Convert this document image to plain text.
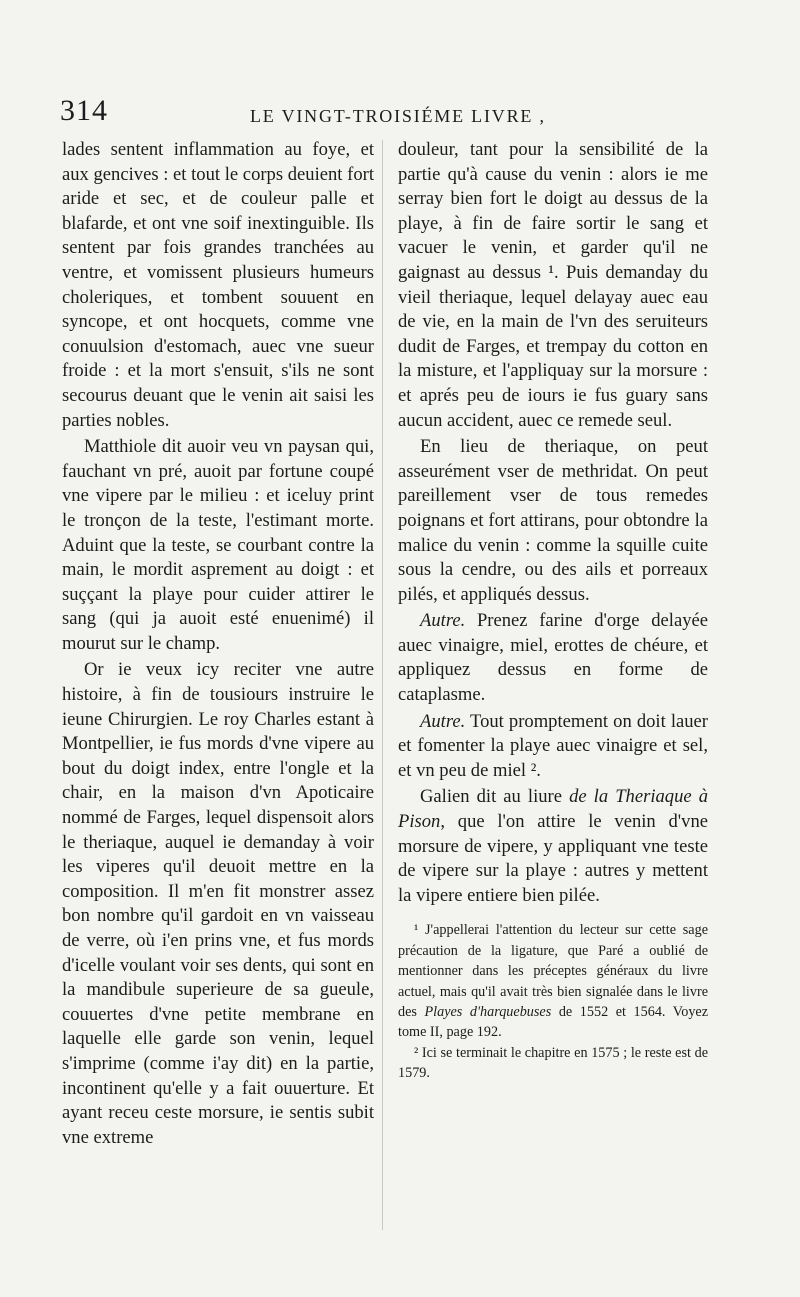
314	LE VINGT-TROISIÉME LIVRE ,

lades sentent inflammation au foye, et aux gencives : et tout le corps deuient fort aride et sec, et de couleur palle et blafarde, et ont vne soif inextinguible. Ils sentent par fois grandes tranchées au ventre, et vomissent plusieurs humeurs choleriques, et tombent souuent en syncope, et ont hocquets, comme vne conuulsion d'estomach, auec vne sueur froide : et la mort s'ensuit, s'ils ne sont secourus deuant que le venin ait saisi les parties nobles.

Matthiole dit auoir veu vn paysan qui, fauchant vn pré, auoit par fortune coupé vne vipere par le milieu : et iceluy print le tronçon de la teste, l'estimant morte. Aduint que la teste, se courbant contre la main, le mordit asprement au doigt : et suççant la playe pour cuider attirer le sang (qui ja auoit esté enuenimé) il mourut sur le champ.

Or ie veux icy reciter vne autre histoire, à fin de tousiours instruire le ieune Chirurgien. Le roy Charles estant à Montpellier, ie fus mords d'vne vipere au bout du doigt index, entre l'ongle et la chair, en la maison d'vn Apoticaire nommé de Farges, lequel dispensoit alors le theriaque, auquel ie demanday à voir les viperes qu'il deuoit mettre en la composition. Il m'en fit monstrer assez bon nombre qu'il gardoit en vn vaisseau de verre, où i'en prins vne, et fus mords d'icelle voulant voir ses dents, qui sont en la mandibule superieure de sa gueule, couuertes d'vne petite membrane en laquelle elle garde son venin, lequel s'imprime (comme i'ay dit) en la partie, incontinent qu'elle y a fait ouuerture. Et ayant receu ceste morsure, ie sentis subit vne extreme

douleur, tant pour la sensibilité de la partie qu'à cause du venin : alors ie me serray bien fort le doigt au dessus de la playe, à fin de faire sortir le sang et vacuer le venin, et garder qu'il ne gaignast au dessus ¹. Puis demanday du vieil theriaque, lequel delayay auec eau de vie, en la main de l'vn des seruiteurs dudit de Farges, et trempay du cotton en la misture, et l'appliquay sur la morsure : et aprés peu de iours ie fus guary sans aucun accident, auec ce remede seul.

En lieu de theriaque, on peut asseurément vser de methridat. On peut pareillement vser de tous remedes poignans et fort attirans, pour obtondre la malice du venin : comme la squille cuite sous la cendre, ou des ails et porreaux pilés, et appliqués dessus.

Autre. Prenez farine d'orge delayée auec vinaigre, miel, erottes de chéure, et appliquez dessus en forme de cataplasme.

Autre. Tout promptement on doit lauer et fomenter la playe auec vinaigre et sel, et vn peu de miel ².

Galien dit au liure de la Theriaque à Pison, que l'on attire le venin d'vne morsure de vipere, y appliquant vne teste de vipere sur la playe : autres y mettent la vipere entiere bien pilée.

¹ J'appellerai l'attention du lecteur sur cette sage précaution de la ligature, que Paré a oublié de mentionner dans les préceptes généraux du livre actuel, mais qu'il avait très bien signalée dans le livre des Playes d'harquebuses de 1552 et 1564. Voyez tome II, page 192.

² Ici se terminait le chapitre en 1575 ; le reste est de 1579.
